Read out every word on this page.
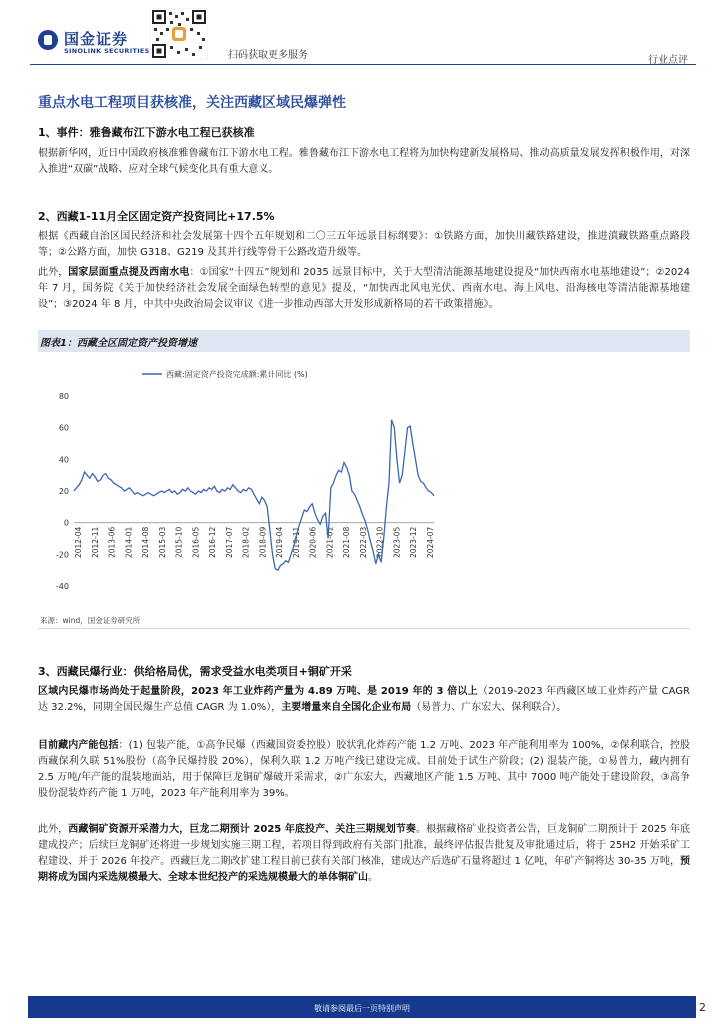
国金证券
SINOLINK SECURITIES	扫码获取更多服务	行业点评
重点水电工程项目获核准，关注西藏区域民爆弹性
1、事件：雅鲁藏布江下游水电工程已获核准
根据新华网，近日中国政府核准雅鲁藏布江下游水电工程。雅鲁藏布江下游水电工程将为加快构建新发展格局、推动高质量发展发挥积极作用，对深入推进“双碳”战略、应对全球气候变化具有重大意义。
2、西藏1-11月全区固定资产投资同比+17.5%
根据《西藏自治区国民经济和社会发展第十四个五年规划和二〇三五年远景目标纲要》：①铁路方面，加快川藏铁路建设，推进滇藏铁路重点路段等；②公路方面，加快 G318、G219 及其并行线等骨干公路改造升级等。
此外，国家层面重点提及西南水电：①国家“十四五”规划和 2035 远景目标中，关于大型清洁能源基地建设提及“加快西南水电基地建设”；②2024 年 7 月，国务院《关于加快经济社会发展全面绿色转型的意见》提及，“加快西北风电光伏、西南水电、海上风电、沿海核电等清洁能源基地建设”；③2024 年 8 月，中共中央政治局会议审议《进一步推动西部大开发形成新格局的若干政策措施》。
图表1：西藏全区固定资产投资增速
-40
-20
0
20
40
60
80
2012-04 2012-11 2013-06 2014-01 2014-08 2015-03 2015-10 2016-05 2016-12 2017-07 2018-02 2018-09 2019-04 2019-11 2020-06 2021-01 2021-08 2022-03 2022-10 2023-05 2023-12 2024-07
西藏:固定资产投资完成额:累计同比 (%)
来源：wind，国金证券研究所
3、西藏民爆行业：供给格局优，需求受益水电类项目+铜矿开采
区域内民爆市场尚处于起量阶段，2023 年工业炸药产量为 4.89 万吨、是 2019 年的 3 倍以上（2019-2023 年西藏区域工业炸药产量 CAGR 达 32.2%，同期全国民爆生产总值 CAGR 为 1.0%），主要增量来自全国化企业布局（易普力、广东宏大、保利联合）。
目前藏内产能包括：(1) 包装产能，①高争民爆（西藏国资委控股）胶状乳化炸药产能 1.2 万吨、2023 年产能利用率为 100%，②保利联合，控股西藏保利久联 51%股份（高争民爆持股 20%），保利久联 1.2 万吨产线已建设完成、目前处于试生产阶段；(2) 混装产能，①易普力，藏内拥有 2.5 万吨/年产能的混装地面站，用于保障巨龙铜矿爆破开采需求，②广东宏大，西藏地区产能 1.5 万吨、其中 7000 吨产能处于建设阶段，③高争股份混装炸药产能 1 万吨，2023 年产能利用率为 39%。
此外，西藏铜矿资源开采潜力大，巨龙二期预计 2025 年底投产、关注三期规划节奏。根据藏格矿业投资者公告，巨龙铜矿二期预计于 2025 年底建成投产；后续巨龙铜矿还将进一步规划实施三期工程，若项目得到政府有关部门批准，最终评估报告批复及审批通过后，将于 25H2 开始采矿工程建设、并于 2026 年投产。西藏巨龙二期改扩建工程目前已获有关部门核准，建成达产后选矿石量将超过 1 亿吨，年矿产铜将达 30-35 万吨，预期将成为国内采选规模最大、全球本世纪投产的采选规模最大的单体铜矿山。
敬请参阅最后一页特别声明	2
